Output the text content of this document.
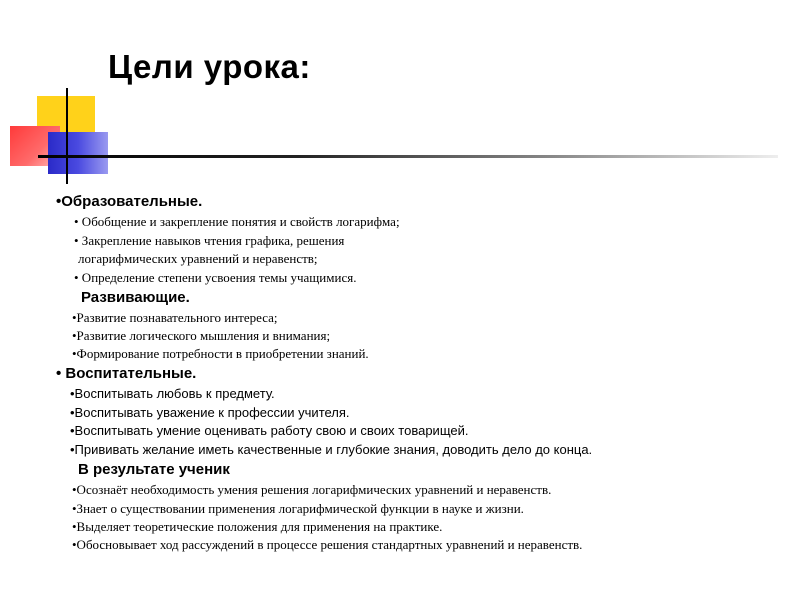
Цели урока:
•Образовательные.
• Обобщение и закрепление понятия и свойств логарифма;
• Закрепление навыков чтения графика, решения
логарифмических уравнений и неравенств;
• Определение степени усвоения темы учащимися.
Развивающие.
•Развитие познавательного интереса;
•Развитие логического мышления и внимания;
•Формирование потребности в приобретении знаний.
• Воспитательные.
•Воспитывать любовь к предмету.
•Воспитывать уважение к профессии учителя.
•Воспитывать умение оценивать работу свою и своих товарищей.
•Прививать желание иметь качественные и глубокие знания, доводить дело до конца.
В результате ученик
•Осознаёт необходимость умения решения логарифмических уравнений и неравенств.
•Знает о существовании применения логарифмической функции в науке и жизни.
•Выделяет теоретические положения для применения на практике.
•Обосновывает ход рассуждений в процессе решения стандартных уравнений и неравенств.
